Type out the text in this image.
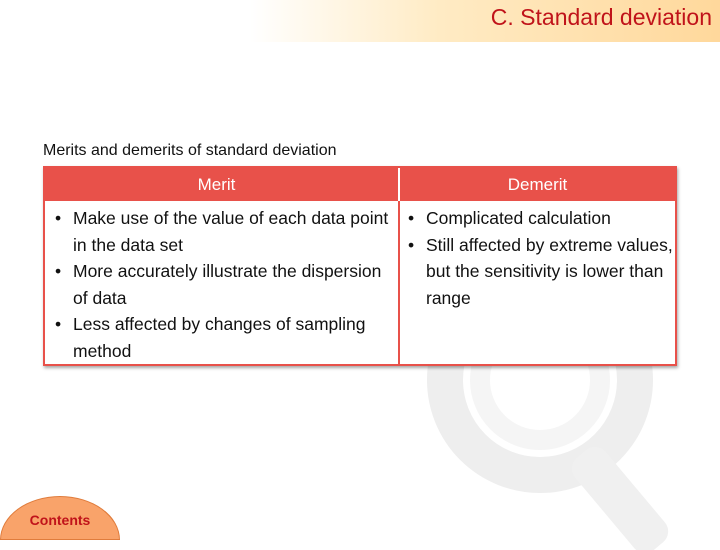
C. Standard deviation
Merits and demerits of standard deviation
Merit	Demerit
• Make use of the value of each data point in the data set
• More accurately illustrate the dispersion of data
• Less affected by changes of sampling method
• Complicated calculation
• Still affected by extreme values, but the sensitivity is lower than range
Contents
